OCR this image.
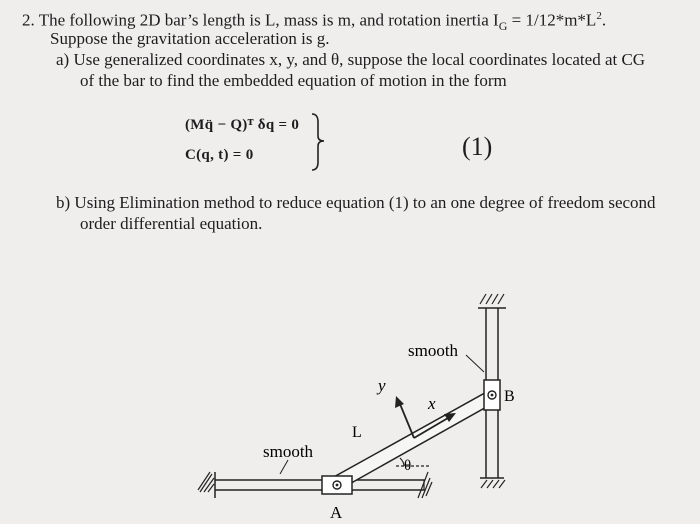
2. The following 2D bar’s length is L, mass is m, and rotation inertia $I_G = 1/12*m*L^2$.
Suppose the gravitation acceleration is g.
a) Use generalized coordinates x, y, and θ, suppose the local coordinates located at CG
of the bar to find the embedded equation of motion in the form
(Mq̈ − Q)ᵀ δq = 0
C(q, t) = 0	(1)
b) Using Elimination method to reduce equation (1) to an one degree of freedom second
order differential equation.
smooth
smooth
L
y
x
θ
A
B
